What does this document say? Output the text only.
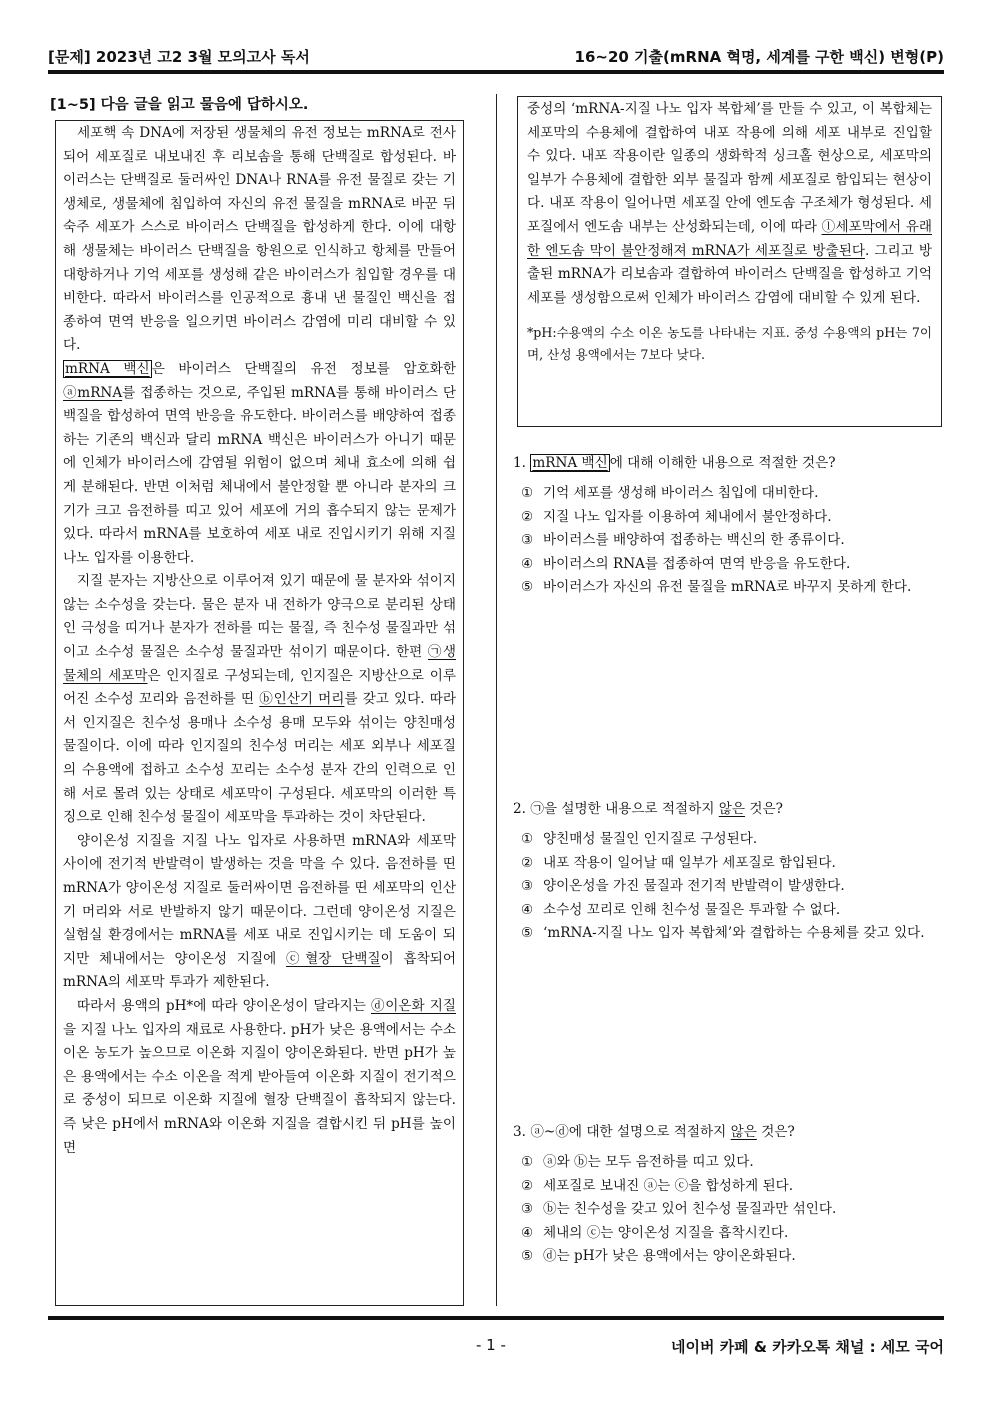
[문제] 2023년 고2 3월 모의고사 독서	16~20 기출(mRNA 혁명, 세계를 구한 백신) 변형(P)
[1~5] 다음 글을 읽고 물음에 답하시오.

세포핵 속 DNA에 저장된 생물체의 유전 정보는 mRNA로 전사되어 세포질로 내보내진 후 리보솜을 통해 단백질로 합성된다. 바이러스는 단백질로 둘러싸인 DNA나 RNA를 유전 물질로 갖는 기생체로, 생물체에 침입하여 자신의 유전 물질을 mRNA로 바꾼 뒤 숙주 세포가 스스로 바이러스 단백질을 합성하게 한다. 이에 대항해 생물체는 바이러스 단백질을 항원으로 인식하고 항체를 만들어 대항하거나 기억 세포를 생성해 같은 바이러스가 침입할 경우를 대비한다. 따라서 바이러스를 인공적으로 흉내 낸 물질인 백신을 접종하여 면역 반응을 일으키면 바이러스 감염에 미리 대비할 수 있다.

mRNA 백신 은 바이러스 단백질의 유전 정보를 암호화한 ⓐmRNA를 접종하는 것으로, 주입된 mRNA를 통해 바이러스 단백질을 합성하여 면역 반응을 유도한다. 바이러스를 배양하여 접종하는 기존의 백신과 달리 mRNA 백신은 바이러스가 아니기 때문에 인체가 바이러스에 감염될 위험이 없으며 체내 효소에 의해 쉽게 분해된다. 반면 이처럼 체내에서 불안정할 뿐 아니라 분자의 크기가 크고 음전하를 띠고 있어 세포에 거의 흡수되지 않는 문제가 있다. 따라서 mRNA를 보호하여 세포 내로 진입시키기 위해 지질 나노 입자를 이용한다.

지질 분자는 지방산으로 이루어져 있기 때문에 물 분자와 섞이지 않는 소수성을 갖는다. 물은 분자 내 전하가 양극으로 분리된 상태인 극성을 띠거나 분자가 전하를 띠는 물질, 즉 친수성 물질과만 섞이고 소수성 물질은 소수성 물질과만 섞이기 때문이다. 한편 ㉠생물체의 세포막은 인지질로 구성되는데, 인지질은 지방산으로 이루어진 소수성 꼬리와 음전하를 띤 ⓑ인산기 머리를 갖고 있다. 따라서 인지질은 친수성 용매나 소수성 용매 모두와 섞이는 양친매성 물질이다. 이에 따라 인지질의 친수성 머리는 세포 외부나 세포질의 수용액에 접하고 소수성 꼬리는 소수성 분자 간의 인력으로 인해 서로 몰려 있는 상태로 세포막이 구성된다. 세포막의 이러한 특징으로 인해 친수성 물질이 세포막을 투과하는 것이 차단된다.

양이온성 지질을 지질 나노 입자로 사용하면 mRNA와 세포막 사이에 전기적 반발력이 발생하는 것을 막을 수 있다. 음전하를 띤 mRNA가 양이온성 지질로 둘러싸이면 음전하를 띤 세포막의 인산기 머리와 서로 반발하지 않기 때문이다. 그런데 양이온성 지질은 실험실 환경에서는 mRNA를 세포 내로 진입시키는 데 도움이 되지만 체내에서는 양이온성 지질에 ⓒ혈장 단백질이 흡착되어 mRNA의 세포막 투과가 제한된다.

따라서 용액의 pH*에 따라 양이온성이 달라지는 ⓓ이온화 지질을 지질 나노 입자의 재료로 사용한다. pH가 낮은 용액에서는 수소 이온 농도가 높으므로 이온화 지질이 양이온화된다. 반면 pH가 높은 용액에서는 수소 이온을 적게 받아들여 이온화 지질이 전기적으로 중성이 되므로 이온화 지질에 혈장 단백질이 흡착되지 않는다. 즉 낮은 pH에서 mRNA와 이온화 지질을 결합시킨 뒤 pH를 높이면

중성의 ‘mRNA-지질 나노 입자 복합체’를 만들 수 있고, 이 복합체는 세포막의 수용체에 결합하여 내포 작용에 의해 세포 내부로 진입할 수 있다. 내포 작용이란 일종의 생화학적 싱크홀 현상으로, 세포막의 일부가 수용체에 결합한 외부 물질과 함께 세포질로 함입되는 현상이다. 내포 작용이 일어나면 세포질 안에 엔도솜 구조체가 형성된다. 세포질에서 엔도솜 내부는 산성화되는데, 이에 따라 ⓛ세포막에서 유래한 엔도솜 막이 불안정해져 mRNA가 세포질로 방출된다. 그리고 방출된 mRNA가 리보솜과 결합하여 바이러스 단백질을 합성하고 기억 세포를 생성함으로써 인체가 바이러스 감염에 대비할 수 있게 된다.

*pH:수용액의 수소 이온 농도를 나타내는 지표. 중성 수용액의 pH는 7이며, 산성 용액에서는 7보다 낮다.

1. mRNA 백신 에 대해 이해한 내용으로 적절한 것은?

① 기억 세포를 생성해 바이러스 침입에 대비한다.
② 지질 나노 입자를 이용하여 체내에서 불안정하다.
③ 바이러스를 배양하여 접종하는 백신의 한 종류이다.
④ 바이러스의 RNA를 접종하여 면역 반응을 유도한다.
⑤ 바이러스가 자신의 유전 물질을 mRNA로 바꾸지 못하게 한다.

2. ㉠을 설명한 내용으로 적절하지 않은 것은?

① 양친매성 물질인 인지질로 구성된다.
② 내포 작용이 일어날 때 일부가 세포질로 함입된다.
③ 양이온성을 가진 물질과 전기적 반발력이 발생한다.
④ 소수성 꼬리로 인해 친수성 물질은 투과할 수 없다.
⑤ ‘mRNA-지질 나노 입자 복합체’와 결합하는 수용체를 갖고 있다.

3. ⓐ~ⓓ에 대한 설명으로 적절하지 않은 것은?

① ⓐ와 ⓑ는 모두 음전하를 띠고 있다.
② 세포질로 보내진 ⓐ는 ⓒ을 합성하게 된다.
③ ⓑ는 친수성을 갖고 있어 친수성 물질과만 섞인다.
④ 체내의 ⓒ는 양이온성 지질을 흡착시킨다.
⑤ ⓓ는 pH가 낮은 용액에서는 양이온화된다.
- 1 -	네이버 카페 & 카카오톡 채널 : 세모 국어
